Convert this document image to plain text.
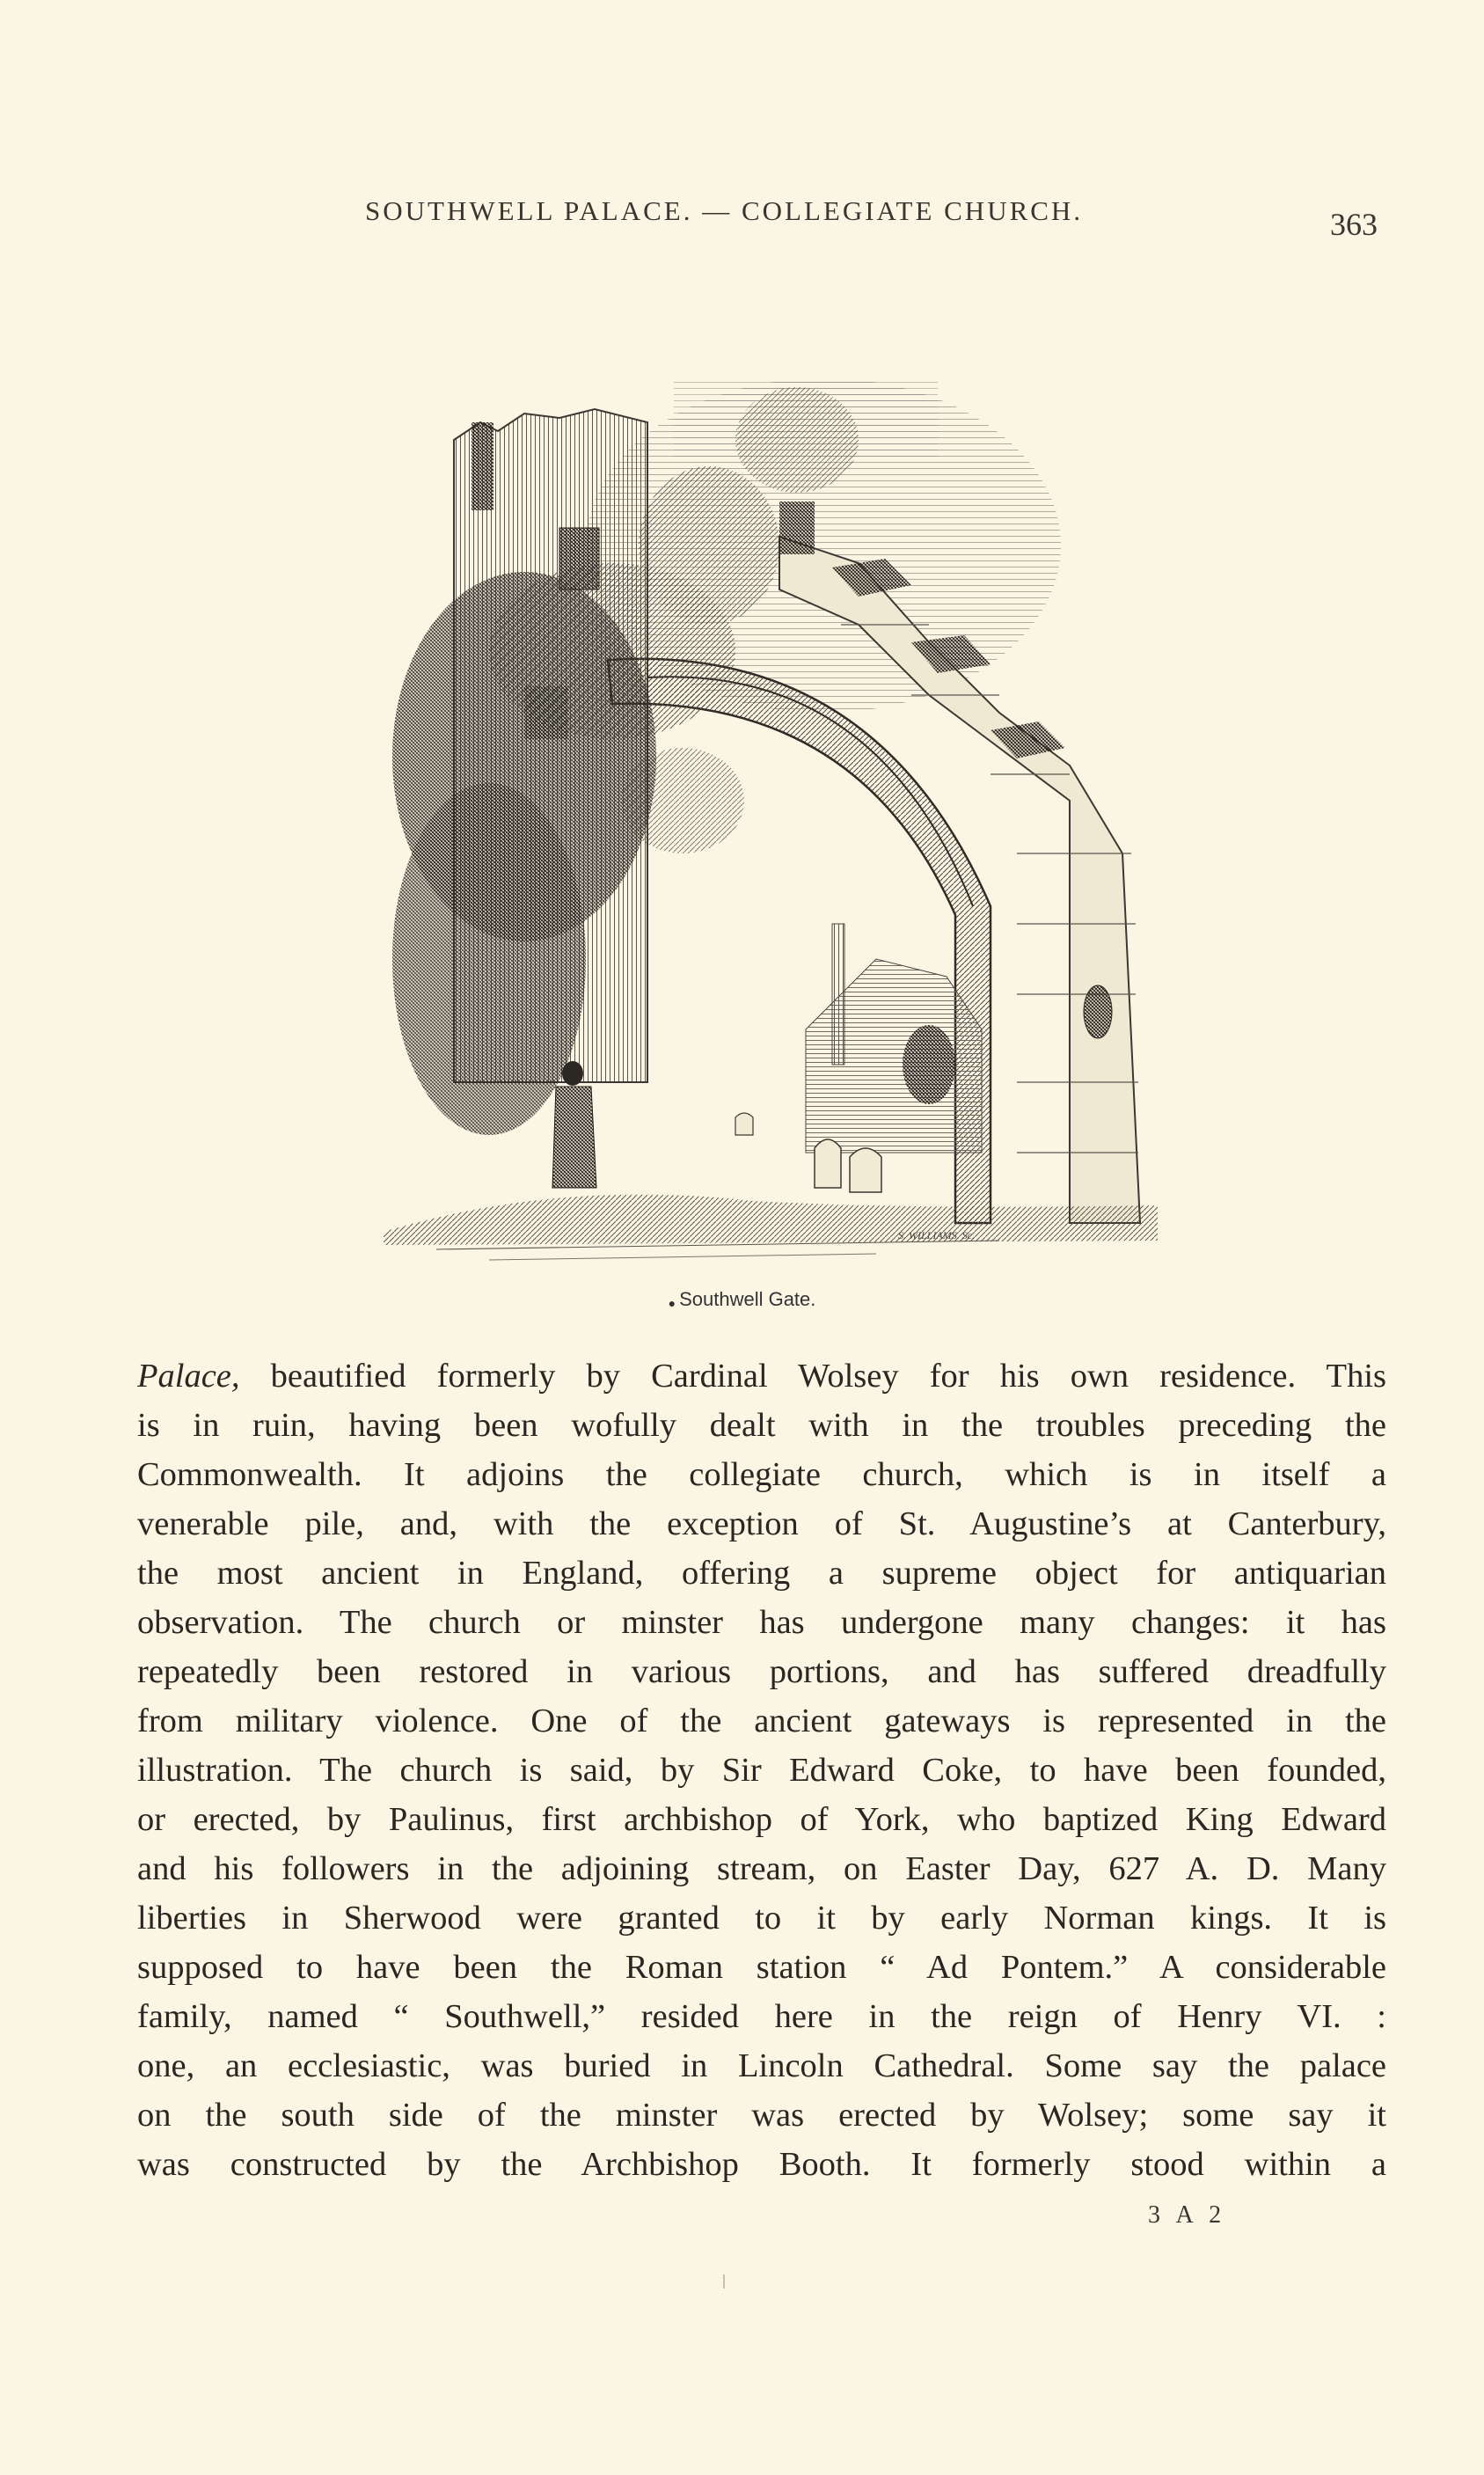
SOUTHWELL PALACE. — COLLEGIATE CHURCH.	363
S. WILLIAMS. Sc.
● Southwell Gate.
Palace, beautified formerly by Cardinal Wolsey for his own residence. This
is in ruin, having been wofully dealt with in the troubles preceding the
Commonwealth. It adjoins the collegiate church, which is in itself a
venerable pile, and, with the exception of St. Augustine’s at Canterbury,
the most ancient in England, offering a supreme object for antiquarian
observation. The church or minster has undergone many changes: it has
repeatedly been restored in various portions, and has suffered dreadfully
from military violence. One of the ancient gateways is represented in the
illustration. The church is said, by Sir Edward Coke, to have been founded,
or erected, by Paulinus, first archbishop of York, who baptized King Edward
and his followers in the adjoining stream, on Easter Day, 627 A. D. Many
liberties in Sherwood were granted to it by early Norman kings. It is
supposed to have been the Roman station “ Ad Pontem.” A considerable
family, named “ Southwell,” resided here in the reign of Henry VI. :
one, an ecclesiastic, was buried in Lincoln Cathedral. Some say the palace
on the south side of the minster was erected by Wolsey; some say it
was constructed by the Archbishop Booth. It formerly stood within a
3 A 2
